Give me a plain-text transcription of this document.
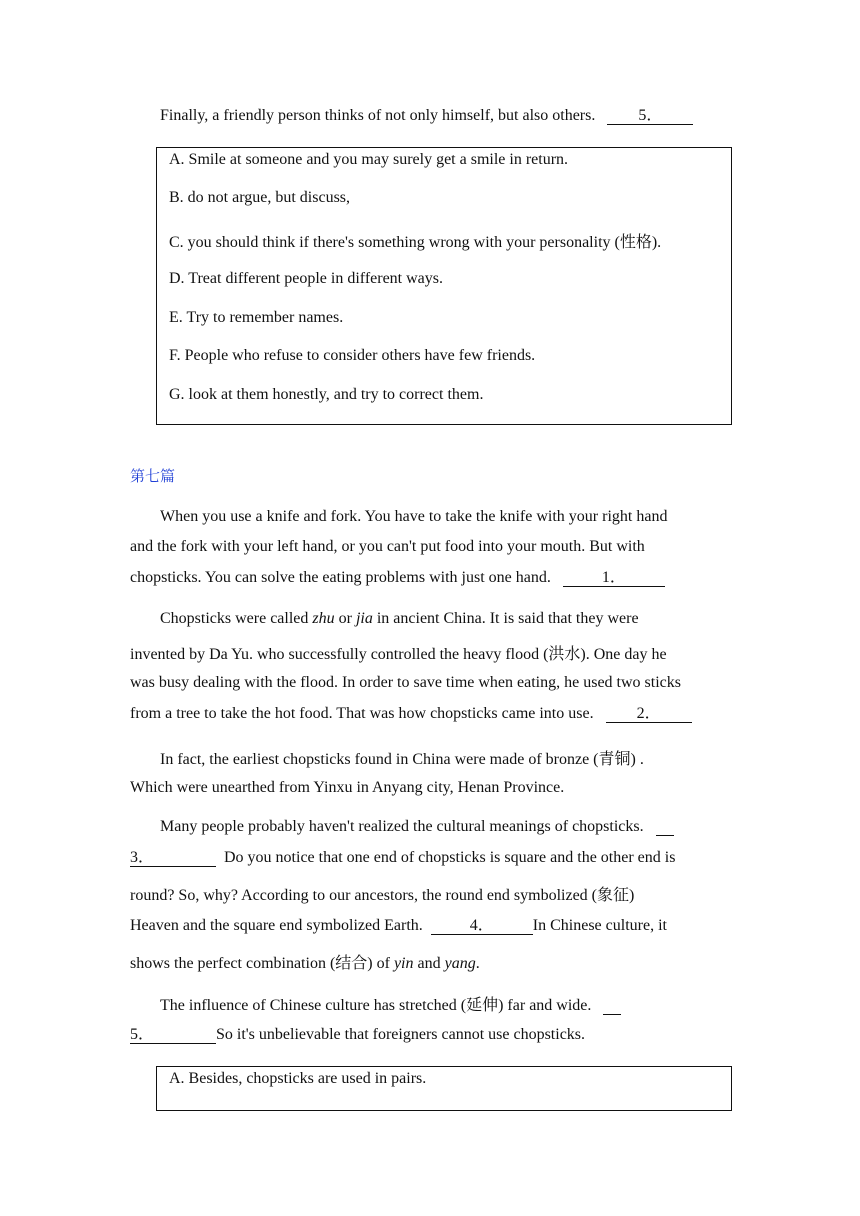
Finally, a friendly person thinks of not only himself, but also others.	5．
A. Smile at someone and you may surely get a smile in return.
B. do not argue, but discuss,
C. you should think if there's something wrong with your personality (性格).
D. Treat different people in different ways.
E. Try to remember names.
F. People who refuse to consider others have few friends.
G. look at them honestly, and try to correct them.
第七篇
When you use a knife and fork. You have to take the knife with your right hand
and the fork with your left hand, or you can't put food into your mouth. But with
chopsticks. You can solve the eating problems with just one hand.	1．
Chopsticks were called zhu or jia in ancient China. It is said that they were
invented by Da Yu. who successfully controlled the heavy flood (洪水). One day he
was busy dealing with the flood. In order to save time when eating, he used two sticks
from a tree to take the hot food. That was how chopsticks came into use.	2．
In fact, the earliest chopsticks found in China were made of bronze (青铜) .
Which were unearthed from Yinxu in Anyang city, Henan Province.
Many people probably haven't realized the cultural meanings of chopsticks.
3．	Do you notice that one end of chopsticks is square and the other end is
round? So, why? According to our ancestors, the round end symbolized (象征)
Heaven and the square end symbolized Earth.	4． In Chinese culture, it
shows the perfect combination (结合) of yin and yang.
The influence of Chinese culture has stretched (延伸) far and wide.
5．	So it's unbelievable that foreigners cannot use chopsticks.
A. Besides, chopsticks are used in pairs.
